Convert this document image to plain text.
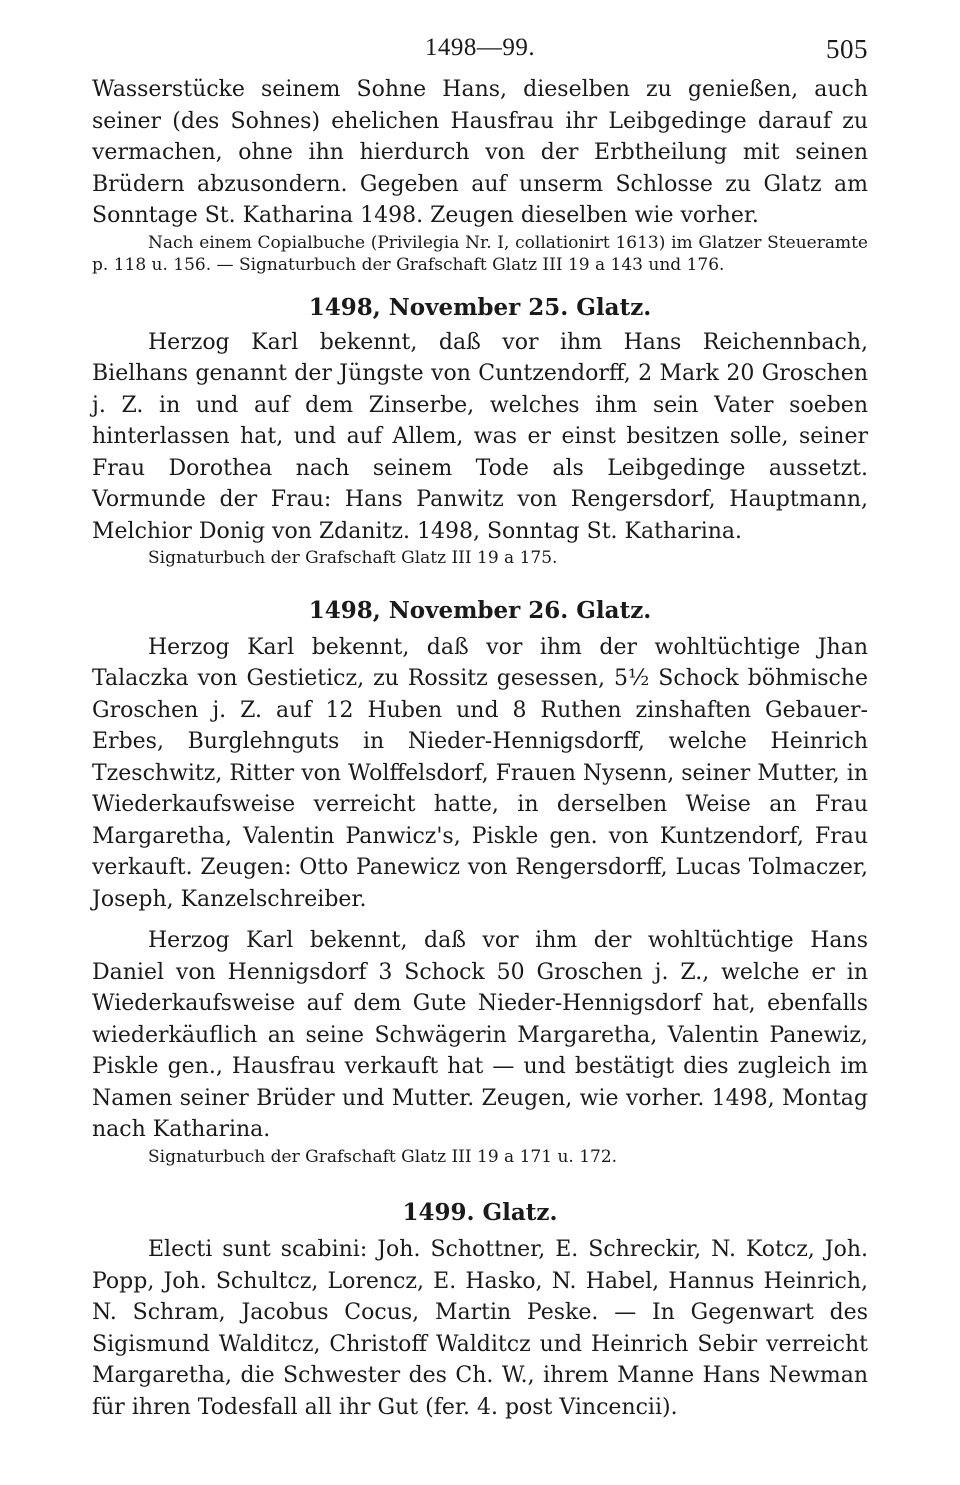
1498—99.	505

Wasserstücke seinem Sohne Hans, dieselben zu genießen, auch seiner (des Sohnes) ehelichen Hausfrau ihr Leibgedinge darauf zu vermachen, ohne ihn hierdurch von der Erbtheilung mit seinen Brüdern abzusondern. Gegeben auf unserm Schlosse zu Glatz am Sonntage St. Katharina 1498. Zeugen dieselben wie vorher.

Nach einem Copialbuche (Privilegia Nr. I, collationirt 1613) im Glatzer Steueramte p. 118 u. 156. — Signaturbuch der Grafschaft Glatz III 19 a 143 und 176.

1498, November 25. Glatz.

Herzog Karl bekennt, daß vor ihm Hans Reichennbach, Bielhans genannt der Jüngste von Cuntzendorff, 2 Mark 20 Groschen j. Z. in und auf dem Zinserbe, welches ihm sein Vater soeben hinterlassen hat, und auf Allem, was er einst besitzen solle, seiner Frau Dorothea nach seinem Tode als Leibgedinge aussetzt. Vormunde der Frau: Hans Panwitz von Rengersdorf, Hauptmann, Melchior Donig von Zdanitz. 1498, Sonntag St. Katharina.

Signaturbuch der Grafschaft Glatz III 19 a 175.

1498, November 26. Glatz.

Herzog Karl bekennt, daß vor ihm der wohltüchtige Jhan Talaczka von Gestieticz, zu Rossitz gesessen, 5½ Schock böhmische Groschen j. Z. auf 12 Huben und 8 Ruthen zinshaften Gebauer-Erbes, Burglehnguts in Nieder-Hennigsdorff, welche Heinrich Tzeschwitz, Ritter von Wolffelsdorf, Frauen Nysenn, seiner Mutter, in Wiederkaufsweise verreicht hatte, in derselben Weise an Frau Margaretha, Valentin Panwicz's, Piskle gen. von Kuntzendorf, Frau verkauft. Zeugen: Otto Panewicz von Rengersdorff, Lucas Tolmaczer, Joseph, Kanzelschreiber.

Herzog Karl bekennt, daß vor ihm der wohltüchtige Hans Daniel von Hennigsdorf 3 Schock 50 Groschen j. Z., welche er in Wiederkaufsweise auf dem Gute Nieder-Hennigsdorf hat, ebenfalls wiederkäuflich an seine Schwägerin Margaretha, Valentin Panewiz, Piskle gen., Hausfrau verkauft hat — und bestätigt dies zugleich im Namen seiner Brüder und Mutter. Zeugen, wie vorher. 1498, Montag nach Katharina.

Signaturbuch der Grafschaft Glatz III 19 a 171 u. 172.

1499. Glatz.

Electi sunt scabini: Joh. Schottner, E. Schreckir, N. Kotcz, Joh. Popp, Joh. Schultcz, Lorencz, E. Hasko, N. Habel, Hannus Heinrich, N. Schram, Jacobus Cocus, Martin Peske. — In Gegenwart des Sigismund Walditcz, Christoff Walditcz und Heinrich Sebir verreicht Margaretha, die Schwester des Ch. W., ihrem Manne Hans Newman für ihren Todesfall all ihr Gut (fer. 4. post Vincencii).
